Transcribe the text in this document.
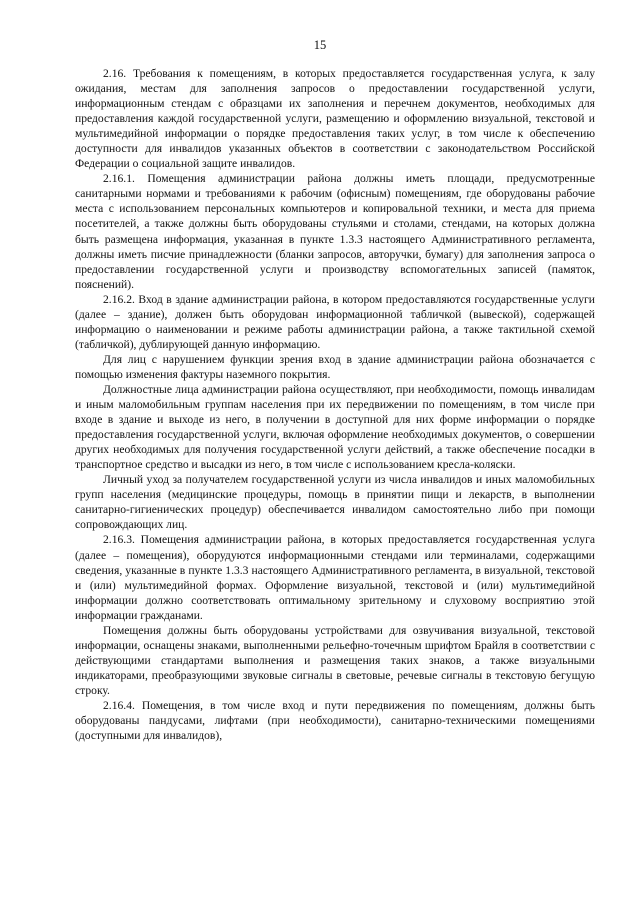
15

2.16. Требования к помещениям, в которых предоставляется государственная услуга, к залу ожидания, местам для заполнения запросов о предоставлении государственной услуги, информационным стендам с образцами их заполнения и перечнем документов, необходимых для предоставления каждой государственной услуги, размещению и оформлению визуальной, текстовой и мультимедийной информации о порядке предоставления таких услуг, в том числе к обеспечению доступности для инвалидов указанных объектов в соответствии с законодательством Российской Федерации о социальной защите инвалидов.

2.16.1. Помещения администрации района должны иметь площади, предусмотренные санитарными нормами и требованиями к рабочим (офисным) помещениям, где оборудованы рабочие места с использованием персональных компьютеров и копировальной техники, и места для приема посетителей, а также должны быть оборудованы стульями и столами, стендами, на которых должна быть размещена информация, указанная в пункте 1.3.3 настоящего Административного регламента, должны иметь писчие принадлежности (бланки запросов, авторучки, бумагу) для заполнения запроса о предоставлении государственной услуги и производству вспомогательных записей (памяток, пояснений).

2.16.2. Вход в здание администрации района, в котором предоставляются государственные услуги (далее – здание), должен быть оборудован информационной табличкой (вывеской), содержащей информацию о наименовании и режиме работы администрации района, а также тактильной схемой (табличкой), дублирующей данную информацию.

Для лиц с нарушением функции зрения вход в здание администрации района обозначается с помощью изменения фактуры наземного покрытия.

Должностные лица администрации района осуществляют, при необходимости, помощь инвалидам и иным маломобильным группам населения при их передвижении по помещениям, в том числе при входе в здание и выходе из него, в получении в доступной для них форме информации о порядке предоставления государственной услуги, включая оформление необходимых документов, о совершении других необходимых для получения государственной услуги действий, а также обеспечение посадки в транспортное средство и высадки из него, в том числе с использованием кресла-коляски.

Личный уход за получателем государственной услуги из числа инвалидов и иных маломобильных групп населения (медицинские процедуры, помощь в принятии пищи и лекарств, в выполнении санитарно-гигиенических процедур) обеспечивается инвалидом самостоятельно либо при помощи сопровождающих лиц.

2.16.3. Помещения администрации района, в которых предоставляется государственная услуга (далее – помещения), оборудуются информационными стендами или терминалами, содержащими сведения, указанные в пункте 1.3.3 настоящего Административного регламента, в визуальной, текстовой и (или) мультимедийной формах. Оформление визуальной, текстовой и (или) мультимедийной информации должно соответствовать оптимальному зрительному и слуховому восприятию этой информации гражданами.

Помещения должны быть оборудованы устройствами для озвучивания визуальной, текстовой информации, оснащены знаками, выполненными рельефно-точечным шрифтом Брайля в соответствии с действующими стандартами выполнения и размещения таких знаков, а также визуальными индикаторами, преобразующими звуковые сигналы в световые, речевые сигналы в текстовую бегущую строку.

2.16.4. Помещения, в том числе вход и пути передвижения по помещениям, должны быть оборудованы пандусами, лифтами (при необходимости), санитарно-техническими помещениями (доступными для инвалидов),
